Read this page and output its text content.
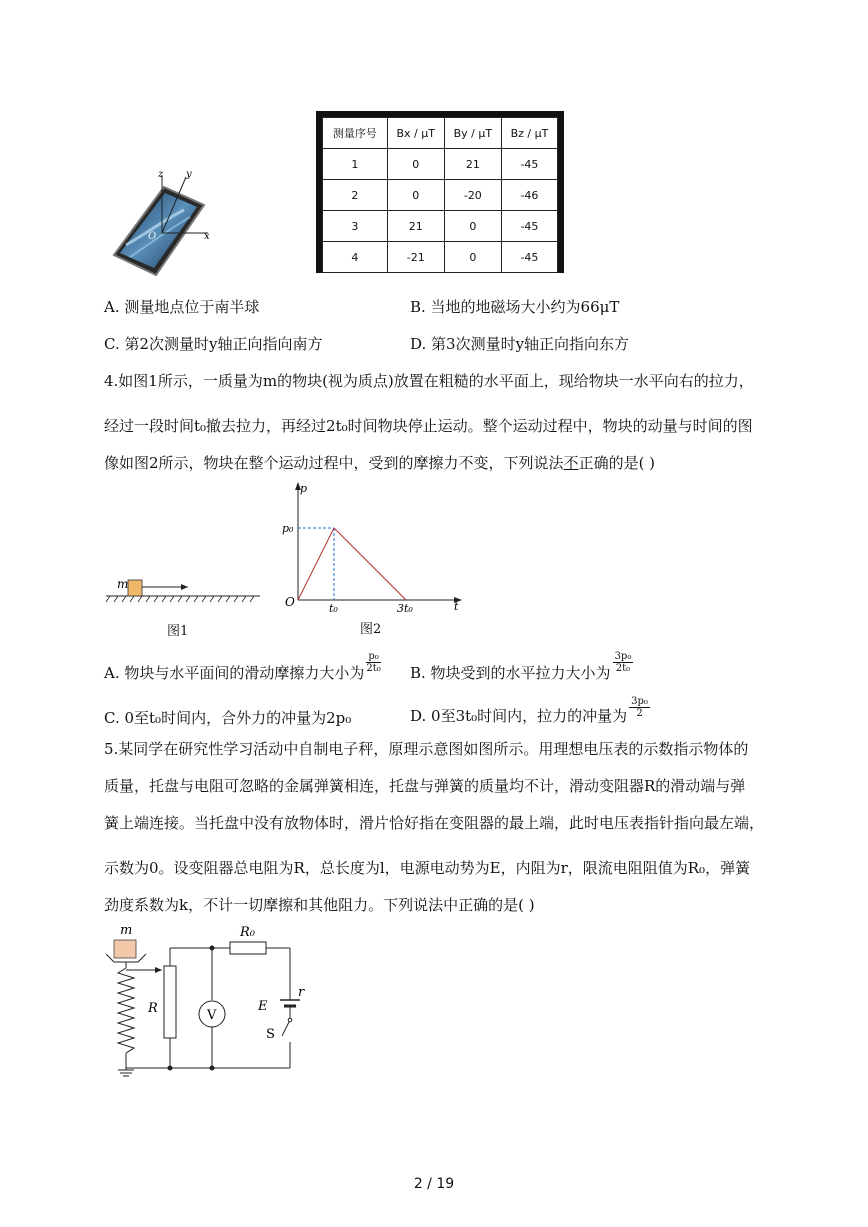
z y
x
O
测量序号	Bx / μT	By / μT	Bz / μT
1	0	21	-45
2	0	-20	-46
3	21	0	-45
4	-21	0	-45
A. 测量地点位于南半球	B. 当地的地磁场大小约为66μT
C. 第2次测量时y轴正向指向南方	D. 第3次测量时y轴正向指向东方
4.如图1所示，一质量为m的物块(视为质点)放置在粗糙的水平面上，现给物块一水平向右的拉力，
经过一段时间t₀撤去拉力，再经过2t₀时间物块停止运动。整个运动过程中，物块的动量与时间的图
像如图2所示，物块在整个运动过程中，受到的摩擦力不变，下列说法不正确的是( )
m
图1
p
t
O
p₀
t₀	3t₀
图2
A. 物块与水平面间的滑动摩擦力大小为 $\frac{\text{p₀}}{\text{2t₀}} B$. 物块受到的水平拉力大小为 $\frac{\text{3p₀}}{\text{2t₀}}$
C. 0至t₀时间内，合外力的冲量为2p₀	D. 0至3t₀时间内，拉力的冲量为 $\frac{\text{3p₀}}{2}$
5.某同学在研究性学习活动中自制电子秤，原理示意图如图所示。用理想电压表的示数指示物体的
质量，托盘与电阻可忽略的金属弹簧相连，托盘与弹簧的质量均不计，滑动变阻器R的滑动端与弹
簧上端连接。当托盘中没有放物体时，滑片恰好指在变阻器的最上端，此时电压表指针指向最左端，
示数为0。设变阻器总电阻为R，总长度为l，电源电动势为E，内阻为r，限流电阻阻值为R₀，弹簧
劲度系数为k，不计一切摩擦和其他阻力。下列说法中正确的是( )
m
R
R₀
V
E
r
S
2 / 19
